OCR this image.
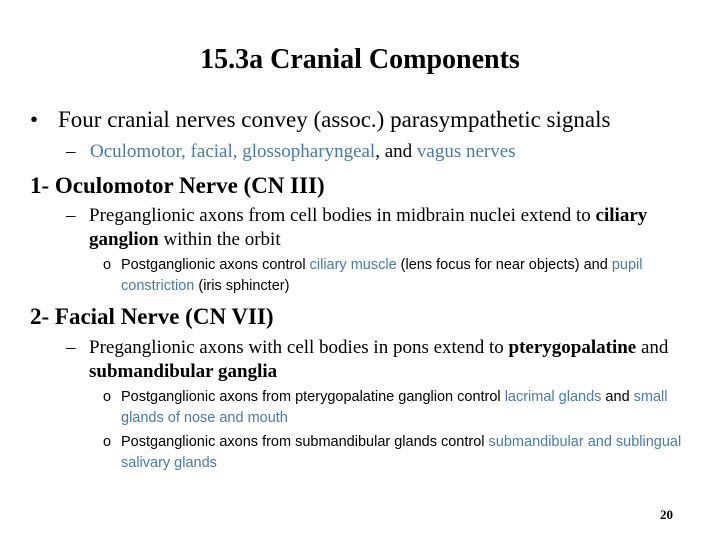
15.3a Cranial Components
• Four cranial nerves convey (assoc.) parasympathetic signals
– Oculomotor, facial, glossopharyngeal, and vagus nerves
1- Oculomotor Nerve (CN III)
– Preganglionic axons from cell bodies in midbrain nuclei extend to ciliary ganglion within the orbit
o Postganglionic axons control ciliary muscle (lens focus for near objects) and pupil constriction (iris sphincter)
2- Facial Nerve (CN VII)
– Preganglionic axons with cell bodies in pons extend to pterygopalatine and submandibular ganglia
o Postganglionic axons from pterygopalatine ganglion control lacrimal glands and small glands of nose and mouth
o Postganglionic axons from submandibular glands control submandibular and sublingual salivary glands
20
